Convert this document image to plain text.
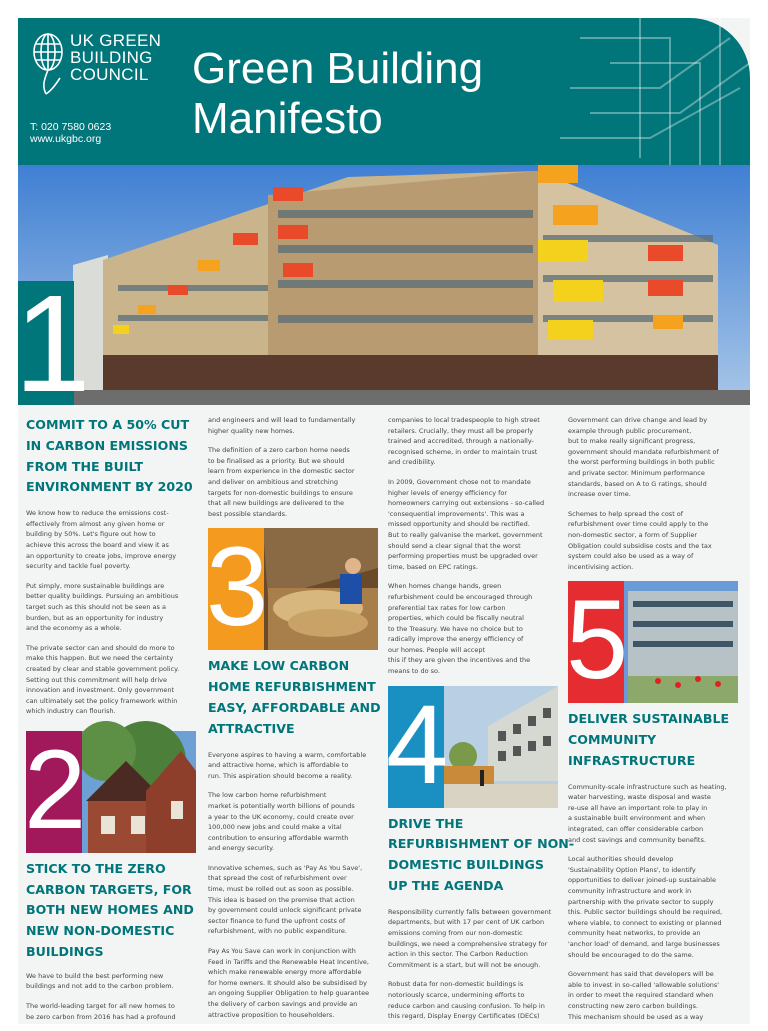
UK GREEN
BUILDING
COUNCIL
T: 020 7580 0623
www.ukgbc.org
Green Building
Manifesto
1
COMMIT TO A 50% CUT
IN CARBON EMISSIONS
FROM THE BUILT
ENVIRONMENT BY 2020
We know how to reduce the emissions cost-
effectively from almost any given home or
building by 50%. Let's figure out how to
achieve this across the board and view it as
an opportunity to create jobs, improve energy
security and tackle fuel poverty.
Put simply, more sustainable buildings are
better quality buildings. Pursuing an ambitious
target such as this should not be seen as a
burden, but as an opportunity for industry
and the economy as a whole.
The private sector can and should do more to
make this happen. But we need the certainty
created by clear and stable government policy.
Setting out this commitment will help drive
innovation and investment. Only government
can ultimately set the policy framework within
which industry can flourish.
2
STICK TO THE ZERO
CARBON TARGETS, FOR
BOTH NEW HOMES AND
NEW NON-DOMESTIC
BUILDINGS
We have to build the best performing new
buildings and not add to the carbon problem.
The world-leading target for all new homes to
be zero carbon from 2016 has had a profound
and engineers and will lead to fundamentally
higher quality new homes.
The definition of a zero carbon home needs
to be finalised as a priority. But we should
learn from experience in the domestic sector
and deliver on ambitious and stretching
targets for non-domestic buildings to ensure
that all new buildings are delivered to the
best possible standards.
3
MAKE LOW CARBON
HOME REFURBISHMENT
EASY, AFFORDABLE AND
ATTRACTIVE
Everyone aspires to having a warm, comfortable
and attractive home, which is affordable to
run. This aspiration should become a reality.
The low carbon home refurbishment
market is potentially worth billions of pounds
a year to the UK economy, could create over
100,000 new jobs and could make a vital
contribution to ensuring affordable warmth
and energy security.
Innovative schemes, such as 'Pay As You Save',
that spread the cost of refurbishment over
time, must be rolled out as soon as possible.
This idea is based on the premise that action
by government could unlock significant private
sector finance to fund the upfront costs of
refurbishment, with no public expenditure.
Pay As You Save can work in conjunction with
Feed in Tariffs and the Renewable Heat Incentive,
which make renewable energy more affordable
for home owners. It should also be subsidised by
an ongoing Supplier Obligation to help guarantee
the delivery of carbon savings and provide an
attractive proposition to householders.
companies to local tradespeople to high street
retailers. Crucially, they must all be properly
trained and accredited, through a nationally-
recognised scheme, in order to maintain trust
and credibility.
In 2009, Government chose not to mandate
higher levels of energy efficiency for
homeowners carrying out extensions - so-called
'consequential improvements'. This was a
missed opportunity and should be rectified.
But to really galvanise the market, government
should send a clear signal that the worst
performing properties must be upgraded over
time, based on EPC ratings.
When homes change hands, green
refurbishment could be encouraged through
preferential tax rates for low carbon
properties, which could be fiscally neutral
to the Treasury. We have no choice but to
radically improve the energy efficiency of
our homes. People will accept
this if they are given the incentives and the
means to do so.
4
DRIVE THE
REFURBISHMENT OF NON-
DOMESTIC BUILDINGS
UP THE AGENDA
Responsibility currently falls between government
departments, but with 17 per cent of UK carbon
emissions coming from our non-domestic
buildings, we need a comprehensive strategy for
action in this sector. The Carbon Reduction
Commitment is a start, but will not be enough.
Robust data for non-domestic buildings is
notoriously scarce, undermining efforts to
reduce carbon and causing confusion. To help in
this regard, Display Energy Certificates (DECs)
Government can drive change and lead by
example through public procurement,
but to make really significant progress,
government should mandate refurbishment of
the worst performing buildings in both public
and private sector. Minimum performance
standards, based on A to G ratings, should
increase over time.
Schemes to help spread the cost of
refurbishment over time could apply to the
non-domestic sector, a form of Supplier
Obligation could subsidise costs and the tax
system could also be used as a way of
incentivising action.
5
DELIVER SUSTAINABLE
COMMUNITY
INFRASTRUCTURE
Community-scale infrastructure such as heating,
water harvesting, waste disposal and waste
re-use all have an important role to play in
a sustainable built environment and when
integrated, can offer considerable carbon
and cost savings and community benefits.
Local authorities should develop
'Sustainability Option Plans', to identify
opportunities to deliver joined-up sustainable
community infrastructure and work in
partnership with the private sector to supply
this. Public sector buildings should be required,
where viable, to connect to existing or planned
community heat networks, to provide an
'anchor load' of demand, and large businesses
should be encouraged to do the same.
Government has said that developers will be
able to invest in so-called 'allowable solutions'
in order to meet the required standard when
constructing new zero carbon buildings.
This mechanism should be used as a way
